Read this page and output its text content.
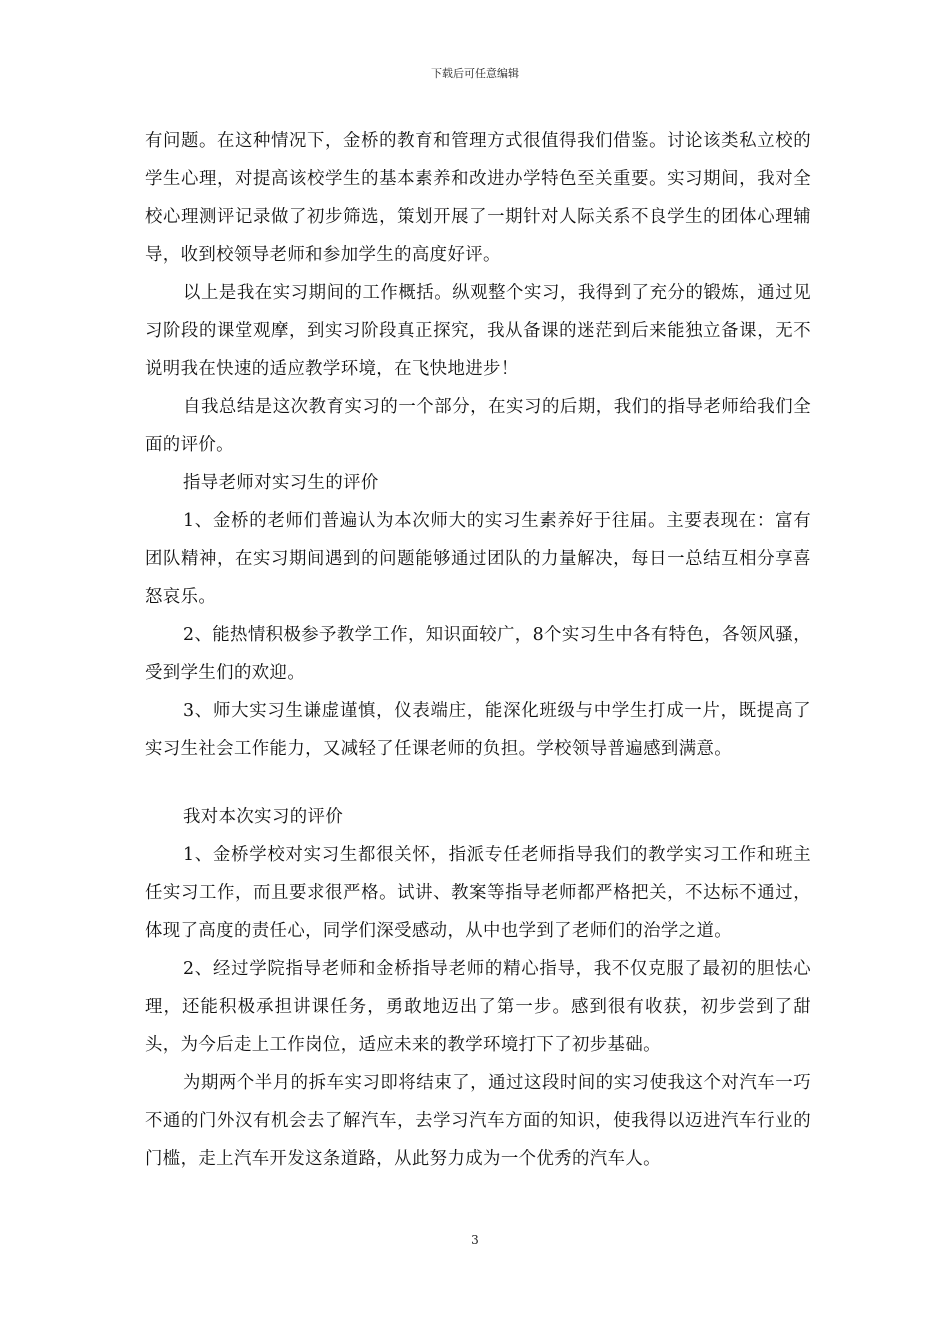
下载后可任意编辑

有问题。在这种情况下，金桥的教育和管理方式很值得我们借鉴。讨论该类私立校的学生心理，对提高该校学生的基本素养和改进办学特色至关重要。实习期间，我对全校心理测评记录做了初步筛选，策划开展了一期针对人际关系不良学生的团体心理辅导，收到校领导老师和参加学生的高度好评。

以上是我在实习期间的工作概括。纵观整个实习，我得到了充分的锻炼，通过见习阶段的课堂观摩，到实习阶段真正探究，我从备课的迷茫到后来能独立备课，无不说明我在快速的适应教学环境，在飞快地进步！

自我总结是这次教育实习的一个部分，在实习的后期，我们的指导老师给我们全面的评价。

指导老师对实习生的评价

1、金桥的老师们普遍认为本次师大的实习生素养好于往届。主要表现在：富有团队精神，在实习期间遇到的问题能够通过团队的力量解决，每日一总结互相分享喜怒哀乐。

2、能热情积极参予教学工作，知识面较广，8个实习生中各有特色，各领风骚，受到学生们的欢迎。

3、师大实习生谦虚谨慎，仪表端庄，能深化班级与中学生打成一片，既提高了实习生社会工作能力，又减轻了任课老师的负担。学校领导普遍感到满意。

我对本次实习的评价

1、金桥学校对实习生都很关怀，指派专任老师指导我们的教学实习工作和班主任实习工作，而且要求很严格。试讲、教案等指导老师都严格把关，不达标不通过，体现了高度的责任心，同学们深受感动，从中也学到了老师们的治学之道。

2、经过学院指导老师和金桥指导老师的精心指导，我不仅克服了最初的胆怯心理，还能积极承担讲课任务，勇敢地迈出了第一步。感到很有收获，初步尝到了甜头，为今后走上工作岗位，适应未来的教学环境打下了初步基础。

为期两个半月的拆车实习即将结束了，通过这段时间的实习使我这个对汽车一巧不通的门外汉有机会去了解汽车，去学习汽车方面的知识，使我得以迈进汽车行业的门槛，走上汽车开发这条道路，从此努力成为一个优秀的汽车人。

3
